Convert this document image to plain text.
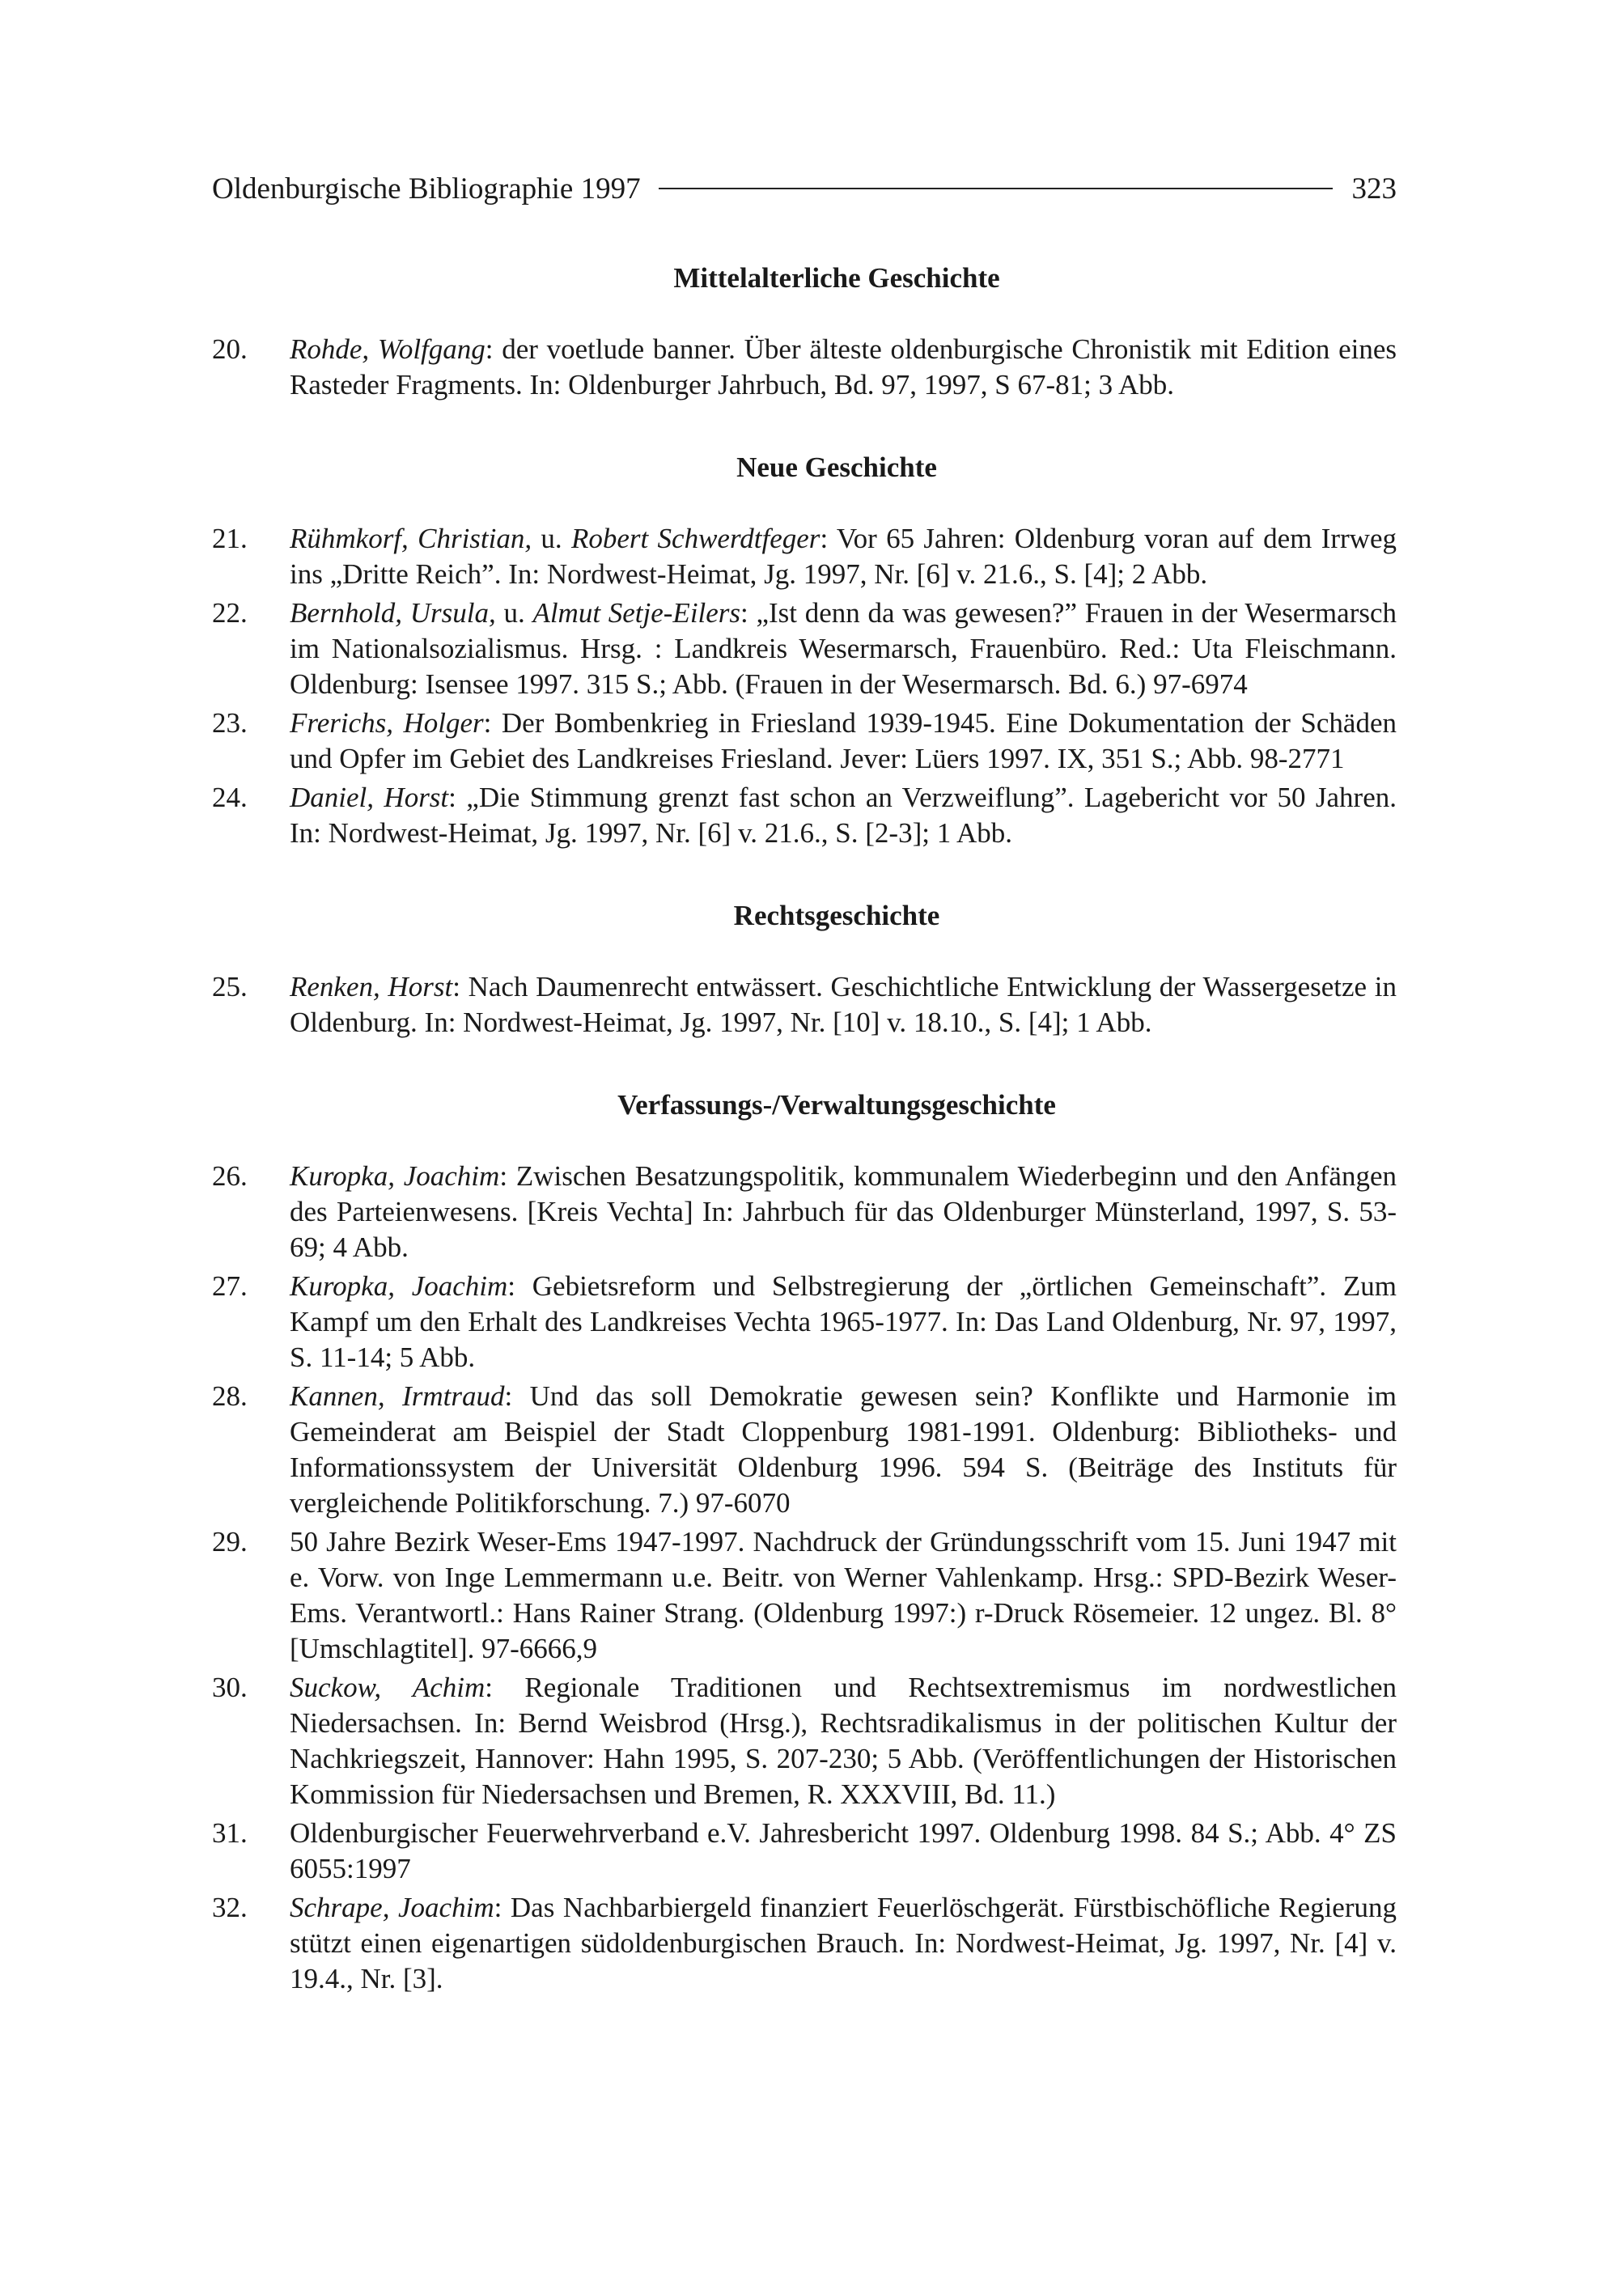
Oldenburgische Bibliographie 1997	323
Mittelalterliche Geschichte
20.	Rohde, Wolfgang: der voetlude banner. Über älteste oldenburgische Chronistik mit Edition eines Rasteder Fragments. In: Oldenburger Jahrbuch, Bd. 97, 1997, S 67-81; 3 Abb.
Neue Geschichte
21.	Rühmkorf, Christian, u. Robert Schwerdtfeger: Vor 65 Jahren: Oldenburg voran auf dem Irrweg ins „Dritte Reich”. In: Nordwest-Heimat, Jg. 1997, Nr. [6] v. 21.6., S. [4]; 2 Abb.
22.	Bernhold, Ursula, u. Almut Setje-Eilers: „Ist denn da was gewesen?” Frauen in der Wesermarsch im Nationalsozialismus. Hrsg. : Landkreis Wesermarsch, Frauenbüro. Red.: Uta Fleischmann. Oldenburg: Isensee 1997. 315 S.; Abb. (Frauen in der Wesermarsch. Bd. 6.) 97-6974
23.	Frerichs, Holger: Der Bombenkrieg in Friesland 1939-1945. Eine Dokumentation der Schäden und Opfer im Gebiet des Landkreises Friesland. Jever: Lüers 1997. IX, 351 S.; Abb. 98-2771
24.	Daniel, Horst: „Die Stimmung grenzt fast schon an Verzweiflung”. Lagebericht vor 50 Jahren. In: Nordwest-Heimat, Jg. 1997, Nr. [6] v. 21.6., S. [2-3]; 1 Abb.
Rechtsgeschichte
25.	Renken, Horst: Nach Daumenrecht entwässert. Geschichtliche Entwicklung der Wassergesetze in Oldenburg. In: Nordwest-Heimat, Jg. 1997, Nr. [10] v. 18.10., S. [4]; 1 Abb.
Verfassungs-/Verwaltungsgeschichte
26.	Kuropka, Joachim: Zwischen Besatzungspolitik, kommunalem Wiederbeginn und den Anfängen des Parteienwesens. [Kreis Vechta] In: Jahrbuch für das Oldenburger Münsterland, 1997, S. 53-69; 4 Abb.
27.	Kuropka, Joachim: Gebietsreform und Selbstregierung der „örtlichen Gemeinschaft”. Zum Kampf um den Erhalt des Landkreises Vechta 1965-1977. In: Das Land Oldenburg, Nr. 97, 1997, S. 11-14; 5 Abb.
28.	Kannen, Irmtraud: Und das soll Demokratie gewesen sein? Konflikte und Harmonie im Gemeinderat am Beispiel der Stadt Cloppenburg 1981-1991. Oldenburg: Bibliotheks- und Informationssystem der Universität Oldenburg 1996. 594 S. (Beiträge des Instituts für vergleichende Politikforschung. 7.) 97-6070
29.	50 Jahre Bezirk Weser-Ems 1947-1997. Nachdruck der Gründungsschrift vom 15. Juni 1947 mit e. Vorw. von Inge Lemmermann u.e. Beitr. von Werner Vahlenkamp. Hrsg.: SPD-Bezirk Weser-Ems. Verantwortl.: Hans Rainer Strang. (Oldenburg 1997:) r-Druck Rösemeier. 12 ungez. Bl. 8° [Umschlagtitel]. 97-6666,9
30.	Suckow, Achim: Regionale Traditionen und Rechtsextremismus im nordwestlichen Niedersachsen. In: Bernd Weisbrod (Hrsg.), Rechtsradikalismus in der politischen Kultur der Nachkriegszeit, Hannover: Hahn 1995, S. 207-230; 5 Abb. (Veröffentlichungen der Historischen Kommission für Niedersachsen und Bremen, R. XXXVIII, Bd. 11.)
31.	Oldenburgischer Feuerwehrverband e.V. Jahresbericht 1997. Oldenburg 1998. 84 S.; Abb. 4° ZS 6055:1997
32.	Schrape, Joachim: Das Nachbarbiergeld finanziert Feuerlöschgerät. Fürstbischöfliche Regierung stützt einen eigenartigen südoldenburgischen Brauch. In: Nordwest-Heimat, Jg. 1997, Nr. [4] v. 19.4., Nr. [3].
